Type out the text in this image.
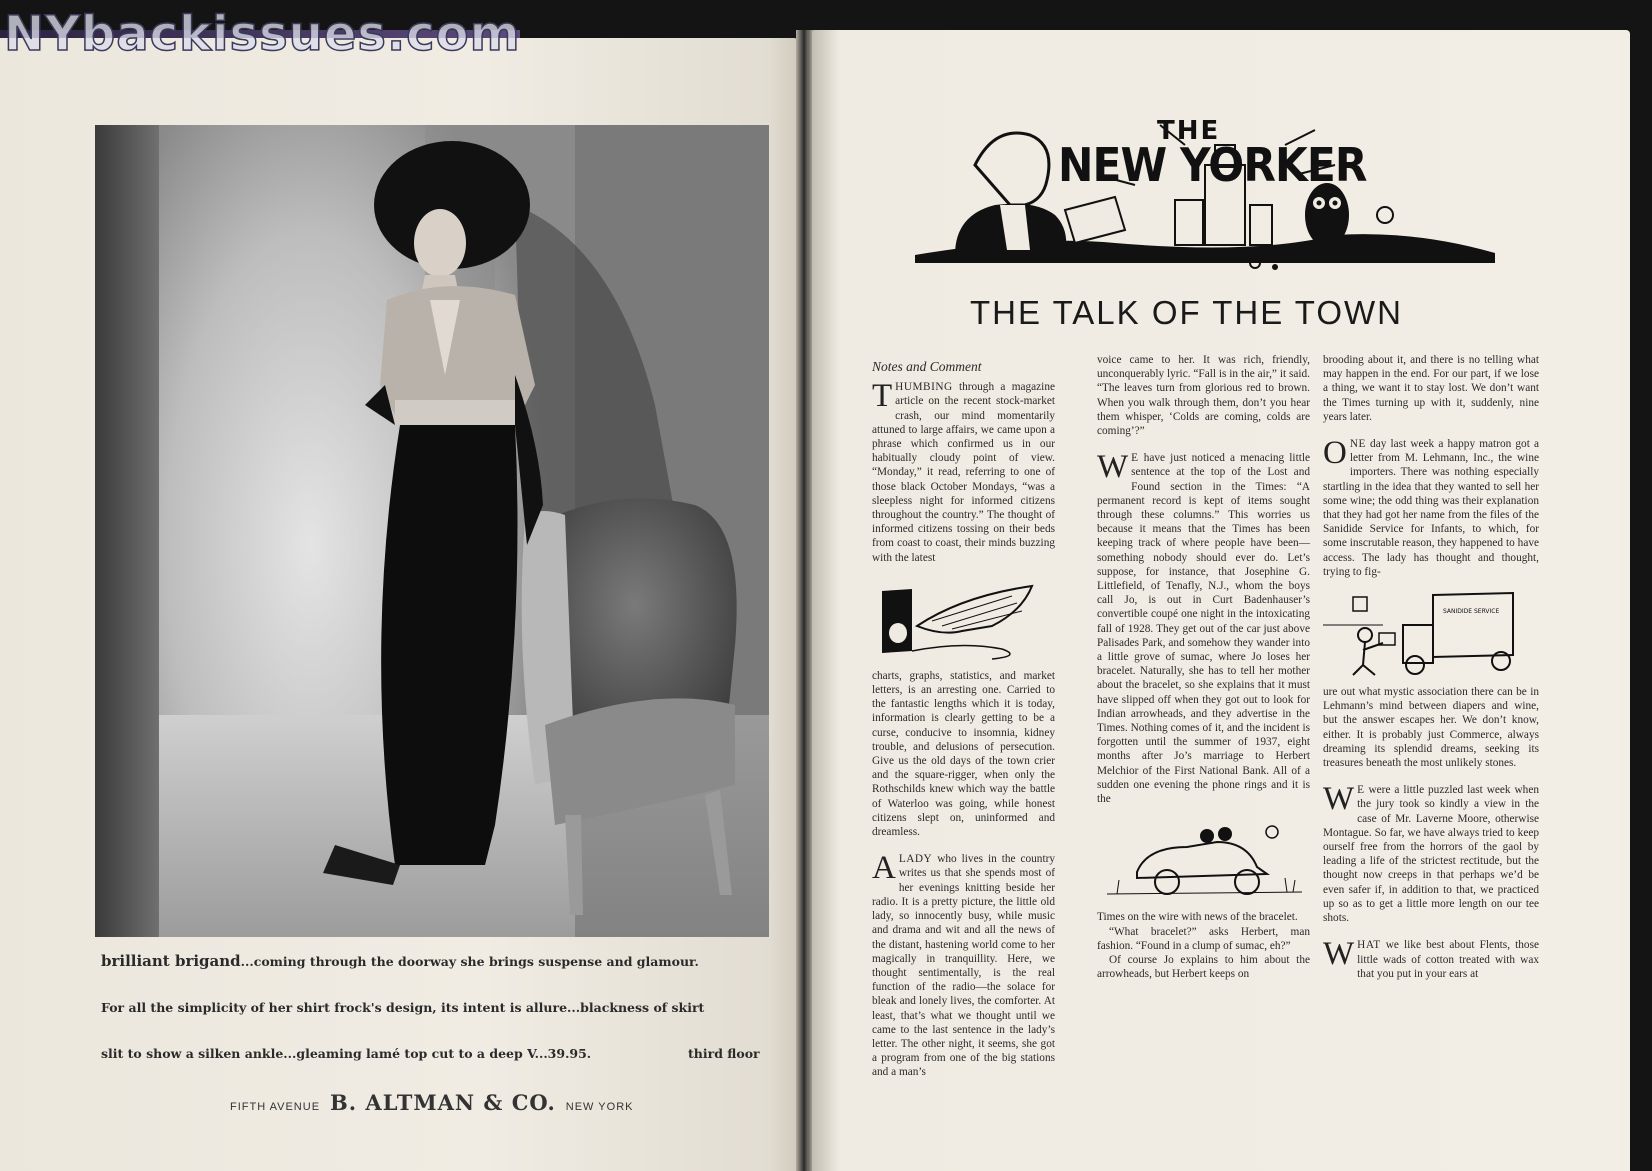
NYbackissues.com
brilliant brigand...coming through the doorway she brings suspense and glamour.
For all the simplicity of her shirt frock's design, its intent is allure...blackness of skirt
slit to show a silken ankle...gleaming lamé top cut to a deep V...39.95.	third floor
FIFTH AVENUE B. ALTMAN & CO. NEW YORK
THE
NEW YORKER
THE TALK OF THE TOWN

Notes and Comment

THUMBING through a magazine article on the recent stock-market crash, our mind momentarily attuned to large affairs, we came upon a phrase which confirmed us in our habitually cloudy point of view. “Monday,” it read, referring to one of those black October Mondays, “was a sleepless night for informed citizens throughout the country.” The thought of informed citizens tossing on their beds from coast to coast, their minds buzzing with the latest

charts, graphs, statistics, and market letters, is an arresting one. Carried to the fantastic lengths which it is today, information is clearly getting to be a curse, conducive to insomnia, kidney trouble, and delusions of persecution. Give us the old days of the town crier and the square-rigger, when only the Rothschilds knew which way the battle of Waterloo was going, while honest citizens slept on, uninformed and dreamless.

A LADY who lives in the country writes us that she spends most of her evenings knitting beside her radio. It is a pretty picture, the little old lady, so innocently busy, while music and drama and wit and all the news of the distant, hastening world come to her magically in tranquillity. Here, we thought sentimentally, is the real function of the radio—the solace for bleak and lonely lives, the comforter. At least, that’s what we thought until we came to the last sentence in the lady’s letter. The other night, it seems, she got a program from one of the big stations and a man’s

voice came to her. It was rich, friendly, unconquerably lyric. “Fall is in the air,” it said. “The leaves turn from glorious red to brown. When you walk through them, don’t you hear them whisper, ‘Colds are coming, colds are coming’?”

W E have just noticed a menacing little sentence at the top of the Lost and Found section in the Times: “A permanent record is kept of items sought through these columns.” This worries us because it means that the Times has been keeping track of where people have been—something nobody should ever do. Let’s suppose, for instance, that Josephine G. Littlefield, of Tenafly, N.J., whom the boys call Jo, is out in Curt Badenhauser’s convertible coupé one night in the intoxicating fall of 1928. They get out of the car just above Palisades Park, and somehow they wander into a little grove of sumac, where Jo loses her bracelet. Naturally, she has to tell her mother about the bracelet, so she explains that it must have slipped off when they got out to look for Indian arrowheads, and they advertise in the Times. Nothing comes of it, and the incident is forgotten until the summer of 1937, eight months after Jo’s marriage to Herbert Melchior of the First National Bank. All of a sudden one evening the phone rings and it is the

Times on the wire with news of the bracelet.

“What bracelet?” asks Herbert, man fashion. “Found in a clump of sumac, eh?”

Of course Jo explains to him about the arrowheads, but Herbert keeps on

brooding about it, and there is no telling what may happen in the end. For our part, if we lose a thing, we want it to stay lost. We don’t want the Times turning up with it, suddenly, nine years later.

ONE day last week a happy matron got a letter from M. Lehmann, Inc., the wine importers. There was nothing especially startling in the idea that they wanted to sell her some wine; the odd thing was their explanation that they had got her name from the files of the Sanidide Service for Infants, to which, for some inscrutable reason, they happened to have access. The lady has thought and thought, trying to fig-

SANIDIDE SERVICE

ure out what mystic association there can be in Lehmann’s mind between diapers and wine, but the answer escapes her. We don’t know, either. It is probably just Commerce, always dreaming its splendid dreams, seeking its treasures beneath the most unlikely stones.

W E were a little puzzled last week when the jury took so kindly a view in the case of Mr. Laverne Moore, otherwise Montague. So far, we have always tried to keep ourself free from the horrors of the gaol by leading a life of the strictest rectitude, but the thought now creeps in that perhaps we’d be even safer if, in addition to that, we practiced up so as to get a little more length on our tee shots.

WHAT we like best about Flents, those little wads of cotton treated with wax that you put in your ears at
